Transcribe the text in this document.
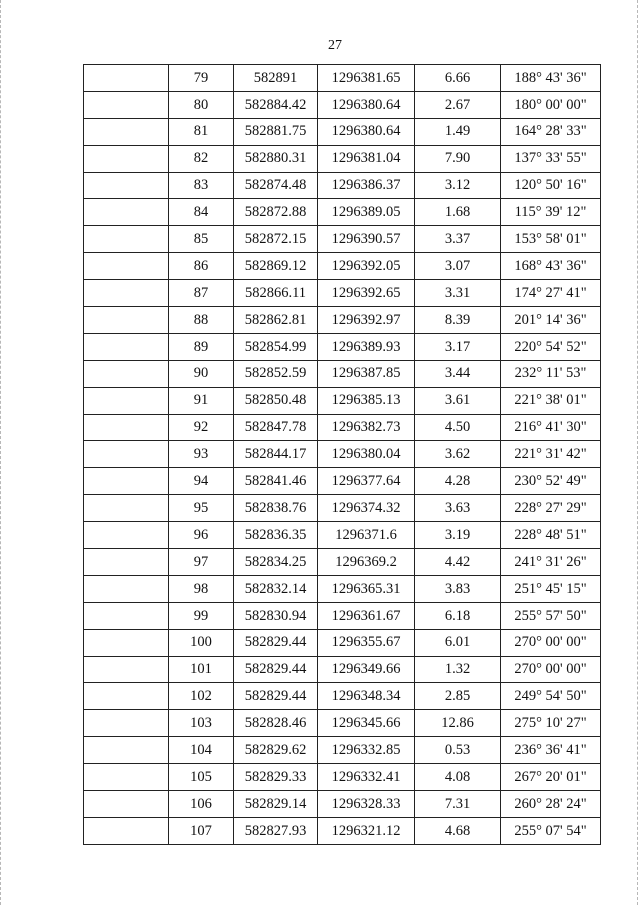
27
	79	582891	1296381.65	6.66	188° 43' 36"
	80	582884.42	1296380.64	2.67	180° 00' 00"
	81	582881.75	1296380.64	1.49	164° 28' 33"
	82	582880.31	1296381.04	7.90	137° 33' 55"
	83	582874.48	1296386.37	3.12	120° 50' 16"
	84	582872.88	1296389.05	1.68	115° 39' 12"
	85	582872.15	1296390.57	3.37	153° 58' 01"
	86	582869.12	1296392.05	3.07	168° 43' 36"
	87	582866.11	1296392.65	3.31	174° 27' 41"
	88	582862.81	1296392.97	8.39	201° 14' 36"
	89	582854.99	1296389.93	3.17	220° 54' 52"
	90	582852.59	1296387.85	3.44	232° 11' 53"
	91	582850.48	1296385.13	3.61	221° 38' 01"
	92	582847.78	1296382.73	4.50	216° 41' 30"
	93	582844.17	1296380.04	3.62	221° 31' 42"
	94	582841.46	1296377.64	4.28	230° 52' 49"
	95	582838.76	1296374.32	3.63	228° 27' 29"
	96	582836.35	1296371.6	3.19	228° 48' 51"
	97	582834.25	1296369.2	4.42	241° 31' 26"
	98	582832.14	1296365.31	3.83	251° 45' 15"
	99	582830.94	1296361.67	6.18	255° 57' 50"
	100	582829.44	1296355.67	6.01	270° 00' 00"
	101	582829.44	1296349.66	1.32	270° 00' 00"
	102	582829.44	1296348.34	2.85	249° 54' 50"
	103	582828.46	1296345.66	12.86	275° 10' 27"
	104	582829.62	1296332.85	0.53	236° 36' 41"
	105	582829.33	1296332.41	4.08	267° 20' 01"
	106	582829.14	1296328.33	7.31	260° 28' 24"
	107	582827.93	1296321.12	4.68	255° 07' 54"
